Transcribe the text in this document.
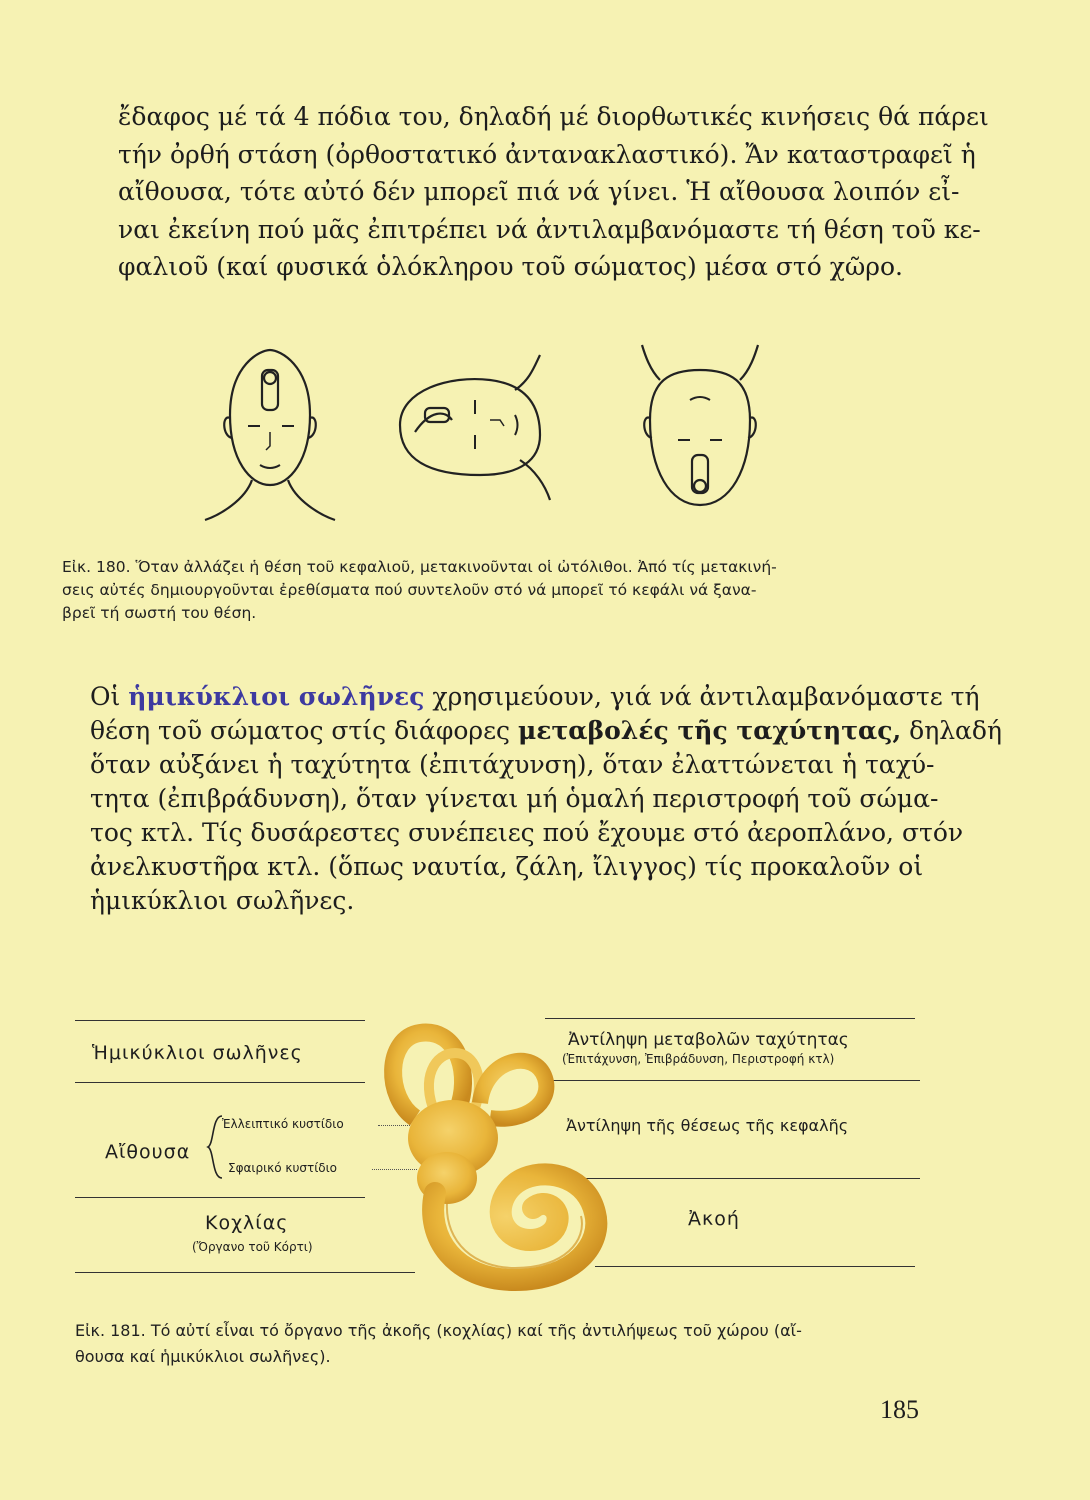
ἔδαφος μέ τά 4 πόδια του, δηλαδή μέ διορθωτικές κινήσεις θά πάρει
τήν ὀρθή στάση (ὀρθοστατικό ἀντανακλαστικό). Ἄν καταστραφεῖ ἡ
αἴθουσα, τότε αὐτό δέν μπορεῖ πιά νά γίνει. Ἡ αἴθουσα λοιπόν εἶ-
ναι ἐκείνη πού μᾶς ἐπιτρέπει νά ἀντιλαμβανόμαστε τή θέση τοῦ κε-
φαλιοῦ (καί φυσικά ὁλόκληρου τοῦ σώματος) μέσα στό χῶρο.

Εἰκ. 180. Ὅταν ἀλλάζει ἡ θέση τοῦ κεφαλιοῦ, μετακινοῦνται οἱ ὠτόλιθοι. Ἀπό τίς μετακινή-
σεις αὐτές δημιουργοῦνται ἐρεθίσματα πού συντελοῦν στό νά μπορεῖ τό κεφάλι νά ξανα-
βρεῖ τή σωστή του θέση.

Οἱ ἡμικύκλιοι σωλῆνες χρησιμεύουν, γιά νά ἀντιλαμβανόμαστε τή
θέση τοῦ σώματος στίς διάφορες μεταβολές τῆς ταχύτητας, δηλαδή
ὅταν αὐξάνει ἡ ταχύτητα (ἐπιτάχυνση), ὅταν ἐλαττώνεται ἡ ταχύ-
τητα (ἐπιβράδυνση), ὅταν γίνεται μή ὁμαλή περιστροφή τοῦ σώμα-
τος κτλ. Τίς δυσάρεστες συνέπειες πού ἔχουμε στό ἀεροπλάνο, στόν
ἀνελκυστῆρα κτλ. (ὅπως ναυτία, ζάλη, ἴλιγγος) τίς προκαλοῦν οἱ
ἡμικύκλιοι σωλῆνες.

Ἡμικύκλιοι σωλῆνες
Αἴθουσα
Ἐλλειπτικό κυστίδιο
Σφαιρικό κυστίδιο
Κοχλίας
(Ὄργανο τοῦ Κόρτι)
Ἀντίληψη μεταβολῶν ταχύτητας
(Ἐπιτάχυνση, Ἐπιβράδυνση, Περιστροφή κτλ)
Ἀντίληψη τῆς θέσεως τῆς κεφαλῆς
Ἀκοή
Εἰκ. 181. Τό αὐτί εἶναι τό ὄργανο τῆς ἀκοῆς (κοχλίας) καί τῆς ἀντιλήψεως τοῦ χώρου (αἴ-
θουσα καί ἡμικύκλιοι σωλῆνες).
185
